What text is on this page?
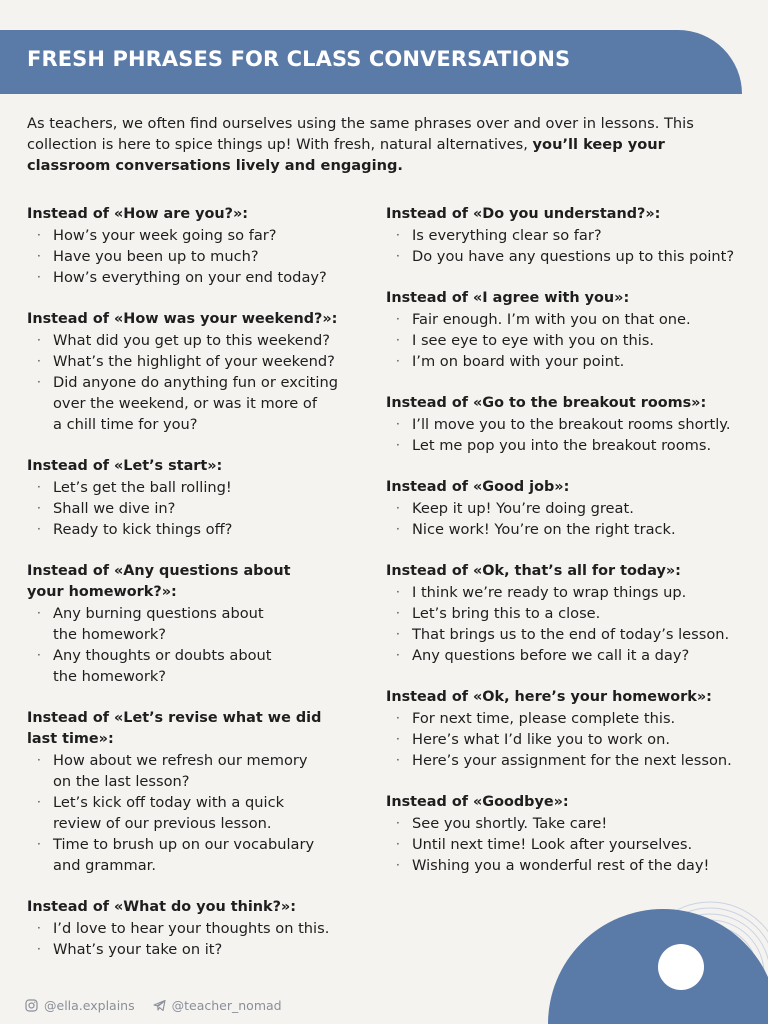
FRESH PHRASES FOR CLASS CONVERSATIONS

As teachers, we often find ourselves using the same phrases over and over in lessons. This collection is here to spice things up! With fresh, natural alternatives, you’ll keep your classroom conversations lively and engaging.

Instead of «How are you?»:
· How’s your week going so far?
· Have you been up to much?
· How’s everything on your end today?
Instead of «How was your weekend?»:
· What did you get up to this weekend?
· What’s the highlight of your weekend?
· Did anyone do anything fun or exciting
over the weekend, or was it more of
a chill time for you?
Instead of «Let’s start»:
· Let’s get the ball rolling!
· Shall we dive in?
· Ready to kick things off?
Instead of «Any questions about
your homework?»:
· Any burning questions about
the homework?
· Any thoughts or doubts about
the homework?
Instead of «Let’s revise what we did
last time»:
· How about we refresh our memory
on the last lesson?
· Let’s kick off today with a quick
review of our previous lesson.
· Time to brush up on our vocabulary
and grammar.
Instead of «What do you think?»:
· I’d love to hear your thoughts on this.
· What’s your take on it?
Instead of «Do you understand?»:
· Is everything clear so far?
· Do you have any questions up to this point?
Instead of «I agree with you»:
· Fair enough. I’m with you on that one.
· I see eye to eye with you on this.
· I’m on board with your point.
Instead of «Go to the breakout rooms»:
· I’ll move you to the breakout rooms shortly.
· Let me pop you into the breakout rooms.
Instead of «Good job»:
· Keep it up! You’re doing great.
· Nice work! You’re on the right track.
Instead of «Ok, that’s all for today»:
· I think we’re ready to wrap things up.
· Let’s bring this to a close.
· That brings us to the end of today’s lesson.
· Any questions before we call it a day?
Instead of «Ok, here’s your homework»:
· For next time, please complete this.
· Here’s what I’d like you to work on.
· Here’s your assignment for the next lesson.
Instead of «Goodbye»:
· See you shortly. Take care!
· Until next time! Look after yourselves.
· Wishing you a wonderful rest of the day!
@ella.explains	@teacher_nomad
